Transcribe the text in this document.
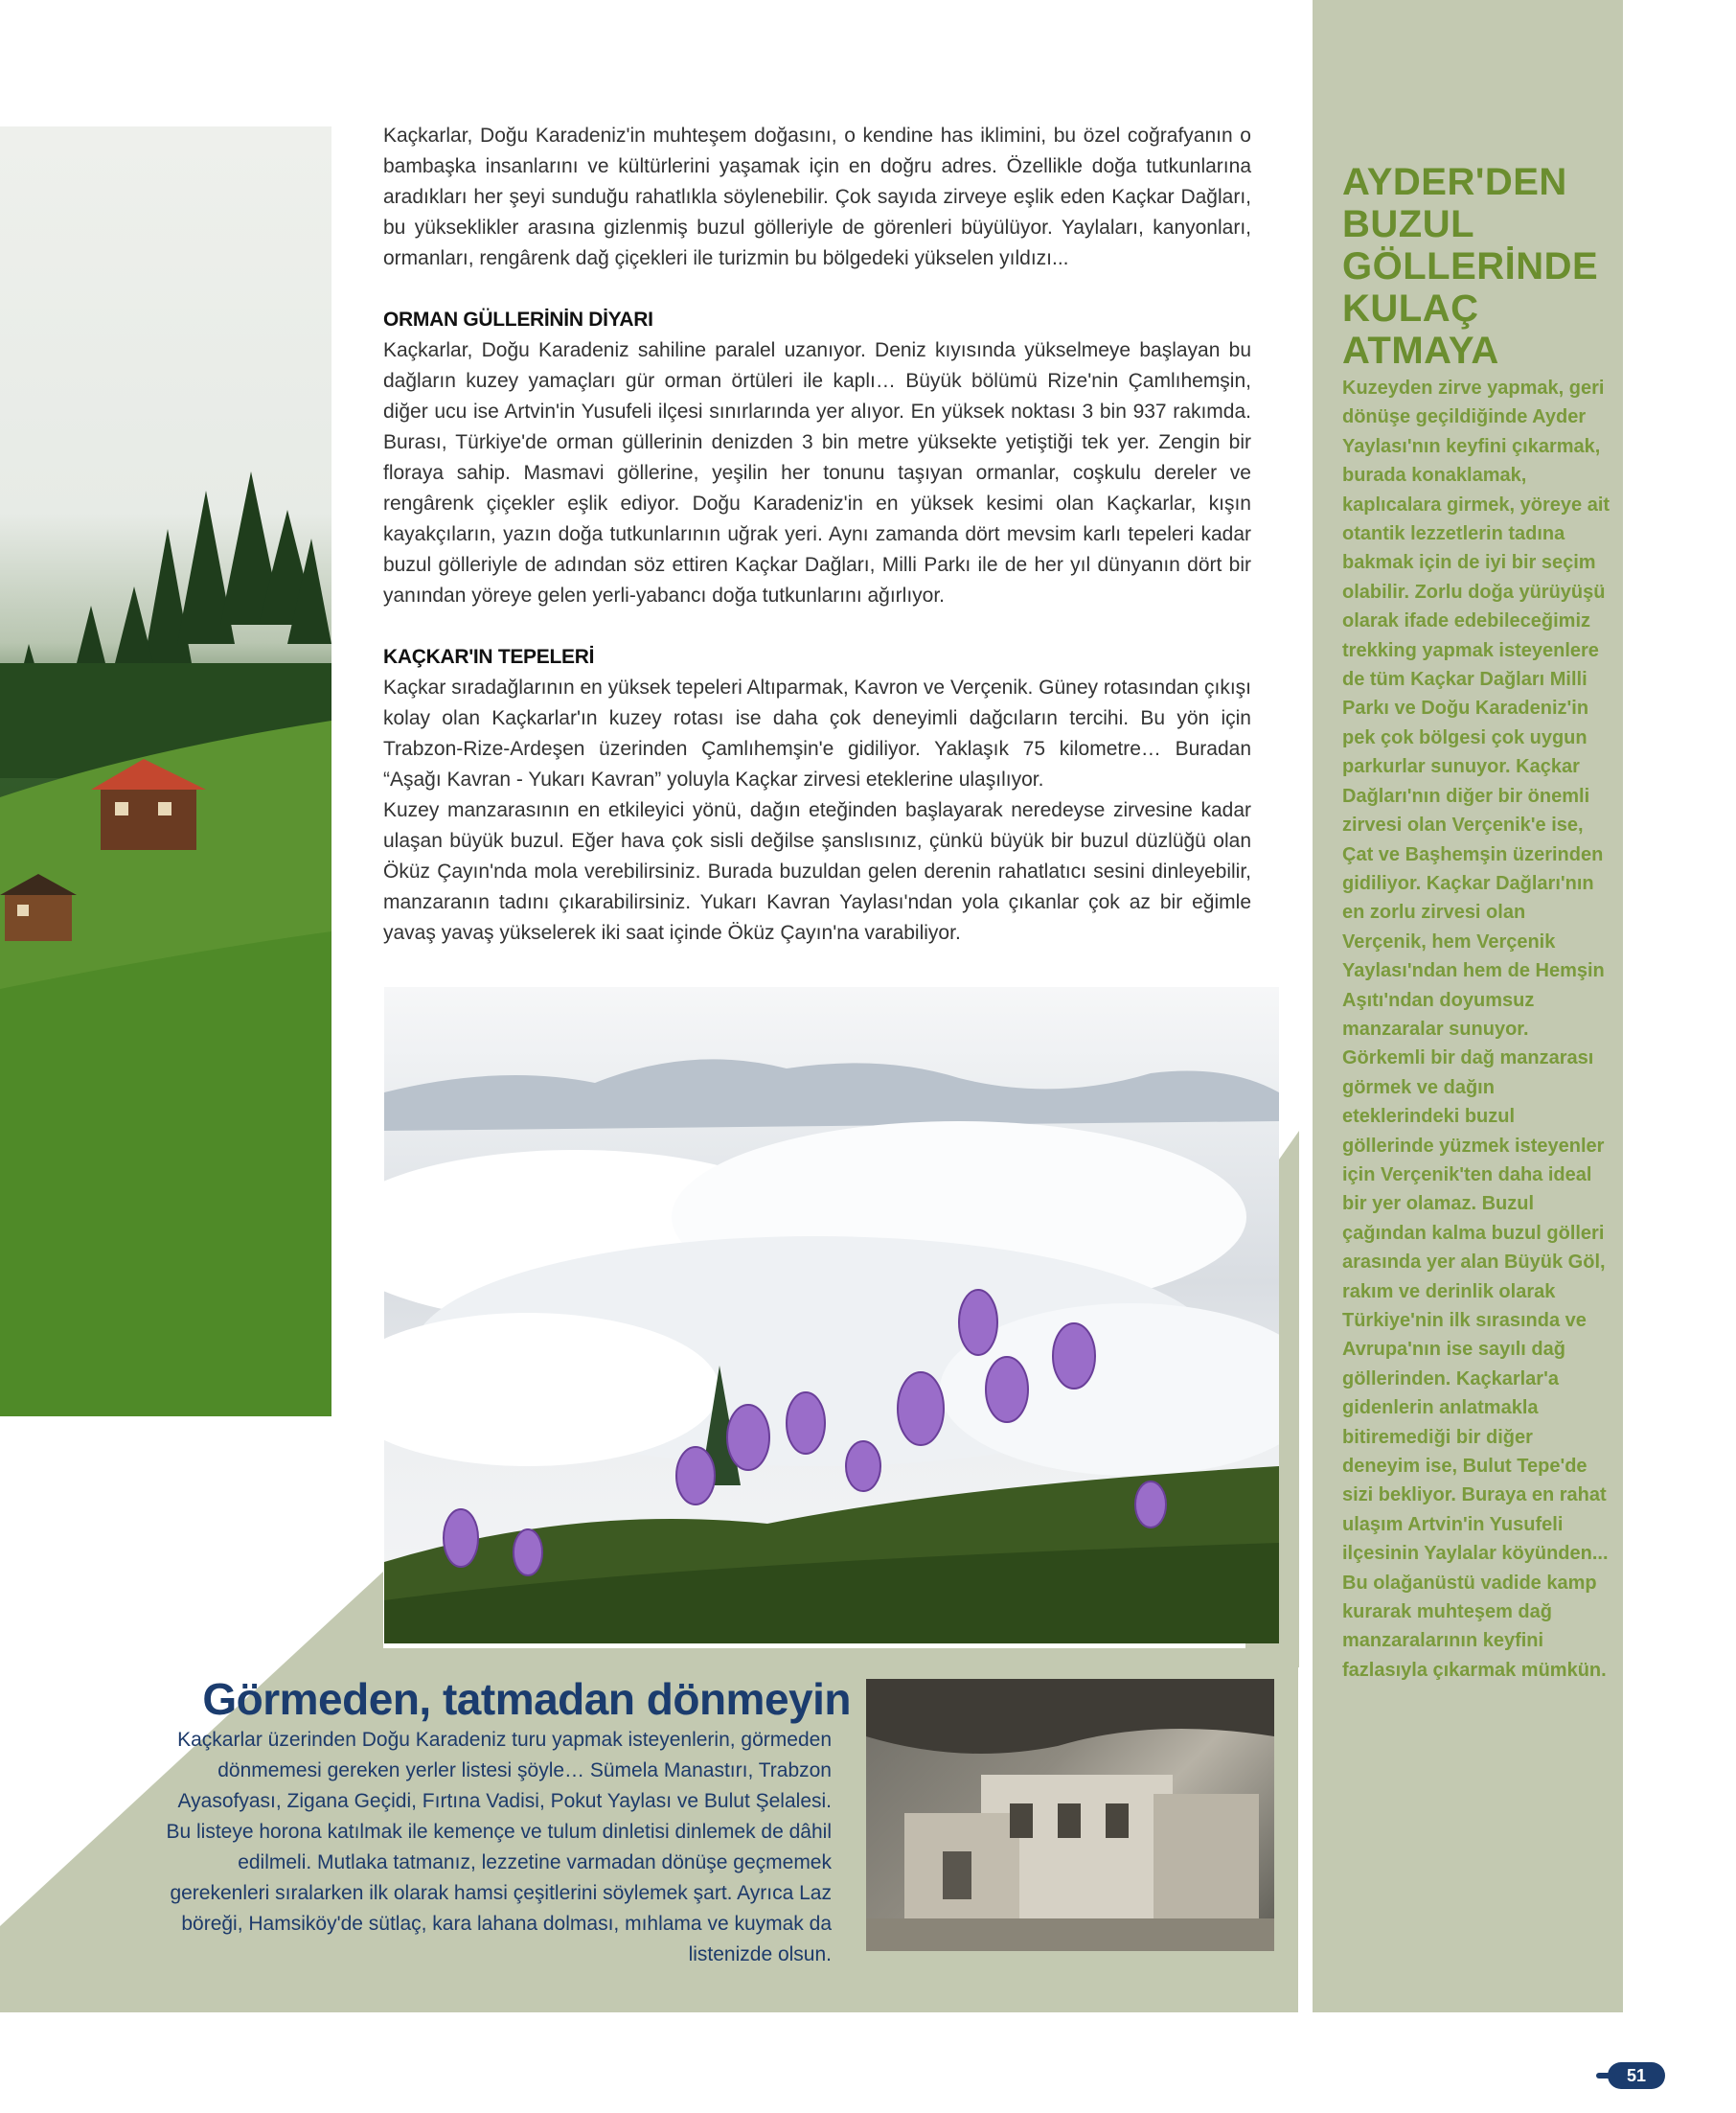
Kaçkarlar, Doğu Karadeniz'in muhteşem doğasını, o kendine has iklimini, bu özel coğrafyanın o bambaşka insanlarını ve kültürlerini yaşamak için en doğru adres. Özellikle doğa tutkunlarına aradıkları her şeyi sunduğu rahatlıkla söylenebilir. Çok sayıda zirveye eşlik eden Kaçkar Dağları, bu yükseklikler arasına gizlenmiş buzul gölleriyle de görenleri büyülüyor. Yaylaları, kanyonları, ormanları, rengârenk dağ çiçekleri ile turizmin bu bölgedeki yükselen yıldızı...

ORMAN GÜLLERİNİN DİYARI

Kaçkarlar, Doğu Karadeniz sahiline paralel uzanıyor. Deniz kıyısında yükselmeye başlayan bu dağların kuzey yamaçları gür orman örtüleri ile kaplı… Büyük bölümü Rize'nin Çamlıhemşin, diğer ucu ise Artvin'in Yusufeli ilçesi sınırlarında yer alıyor. En yüksek noktası 3 bin 937 rakımda. Burası, Türkiye'de orman güllerinin denizden 3 bin metre yüksekte yetiştiği tek yer. Zengin bir floraya sahip. Masmavi göllerine, yeşilin her tonunu taşıyan ormanlar, coşkulu dereler ve rengârenk çiçekler eşlik ediyor. Doğu Karadeniz'in en yüksek kesimi olan Kaçkarlar, kışın kayakçıların, yazın doğa tutkunlarının uğrak yeri. Aynı zamanda dört mevsim karlı tepeleri kadar buzul gölleriyle de adından söz ettiren Kaçkar Dağları, Milli Parkı ile de her yıl dünyanın dört bir yanından yöreye gelen yerli-yabancı doğa tutkunlarını ağırlıyor.

KAÇKAR'IN TEPELERİ

Kaçkar sıradağlarının en yüksek tepeleri Altıparmak, Kavron ve Verçenik. Güney rotasından çıkışı kolay olan Kaçkarlar'ın kuzey rotası ise daha çok deneyimli dağcıların tercihi. Bu yön için Trabzon-Rize-Ardeşen üzerinden Çamlıhemşin'e gidiliyor. Yaklaşık 75 kilometre… Buradan “Aşağı Kavran - Yukarı Kavran” yoluyla Kaçkar zirvesi eteklerine ulaşılıyor.

Kuzey manzarasının en etkileyici yönü, dağın eteğinden başlayarak neredeyse zirvesine kadar ulaşan büyük buzul. Eğer hava çok sisli değilse şanslısınız, çünkü büyük bir buzul düzlüğü olan Öküz Çayın'nda mola verebilirsiniz. Burada buzuldan gelen derenin rahatlatıcı sesini dinleyebilir, manzaranın tadını çıkarabilirsiniz. Yukarı Kavran Yaylası'ndan yola çıkanlar çok az bir eğimle yavaş yavaş yükselerek iki saat içinde Öküz Çayın'na varabiliyor.

AYDER'DEN BUZUL GÖLLERİNDE KULAÇ ATMAYA
Kuzeyden zirve yapmak, geri dönüşe geçildiğinde Ayder Yaylası'nın keyfini çıkarmak, burada konaklamak, kaplıcalara girmek, yöreye ait otantik lezzetlerin tadına bakmak için de iyi bir seçim olabilir. Zorlu doğa yürüyüşü olarak ifade edebileceğimiz trekking yapmak isteyenlere de tüm Kaçkar Dağları Milli Parkı ve Doğu Karadeniz'in pek çok bölgesi çok uygun parkurlar sunuyor. Kaçkar Dağları'nın diğer bir önemli zirvesi olan Verçenik'e ise, Çat ve Başhemşin üzerinden gidiliyor. Kaçkar Dağları'nın en zorlu zirvesi olan Verçenik, hem Verçenik Yaylası'ndan hem de Hemşin Aşıtı'ndan doyumsuz manzaralar sunuyor. Görkemli bir dağ manzarası görmek ve dağın eteklerindeki buzul göllerinde yüzmek isteyenler için Verçenik'ten daha ideal bir yer olamaz. Buzul çağından kalma buzul gölleri arasında yer alan Büyük Göl, rakım ve derinlik olarak Türkiye'nin ilk sırasında ve Avrupa'nın ise sayılı dağ göllerinden. Kaçkarlar'a gidenlerin anlatmakla bitiremediği bir diğer deneyim ise, Bulut Tepe'de sizi bekliyor. Buraya en rahat ulaşım Artvin'in Yusufeli ilçesinin Yaylalar köyünden... Bu olağanüstü vadide kamp kurarak muhteşem dağ manzaralarının keyfini fazlasıyla çıkarmak mümkün.
Görmeden, tatmadan dönmeyin
Kaçkarlar üzerinden Doğu Karadeniz turu yapmak isteyenlerin, görmeden dönmemesi gereken yerler listesi şöyle… Sümela Manastırı, Trabzon Ayasofyası, Zigana Geçidi, Fırtına Vadisi, Pokut Yaylası ve Bulut Şelalesi. Bu listeye horona katılmak ile kemençe ve tulum dinletisi dinlemek de dâhil edilmeli. Mutlaka tatmanız, lezzetine varmadan dönüşe geçmemek gerekenleri sıralarken ilk olarak hamsi çeşitlerini söylemek şart. Ayrıca Laz böreği, Hamsiköy'de sütlaç, kara lahana dolması, mıhlama ve kuymak da listenizde olsun.
51
